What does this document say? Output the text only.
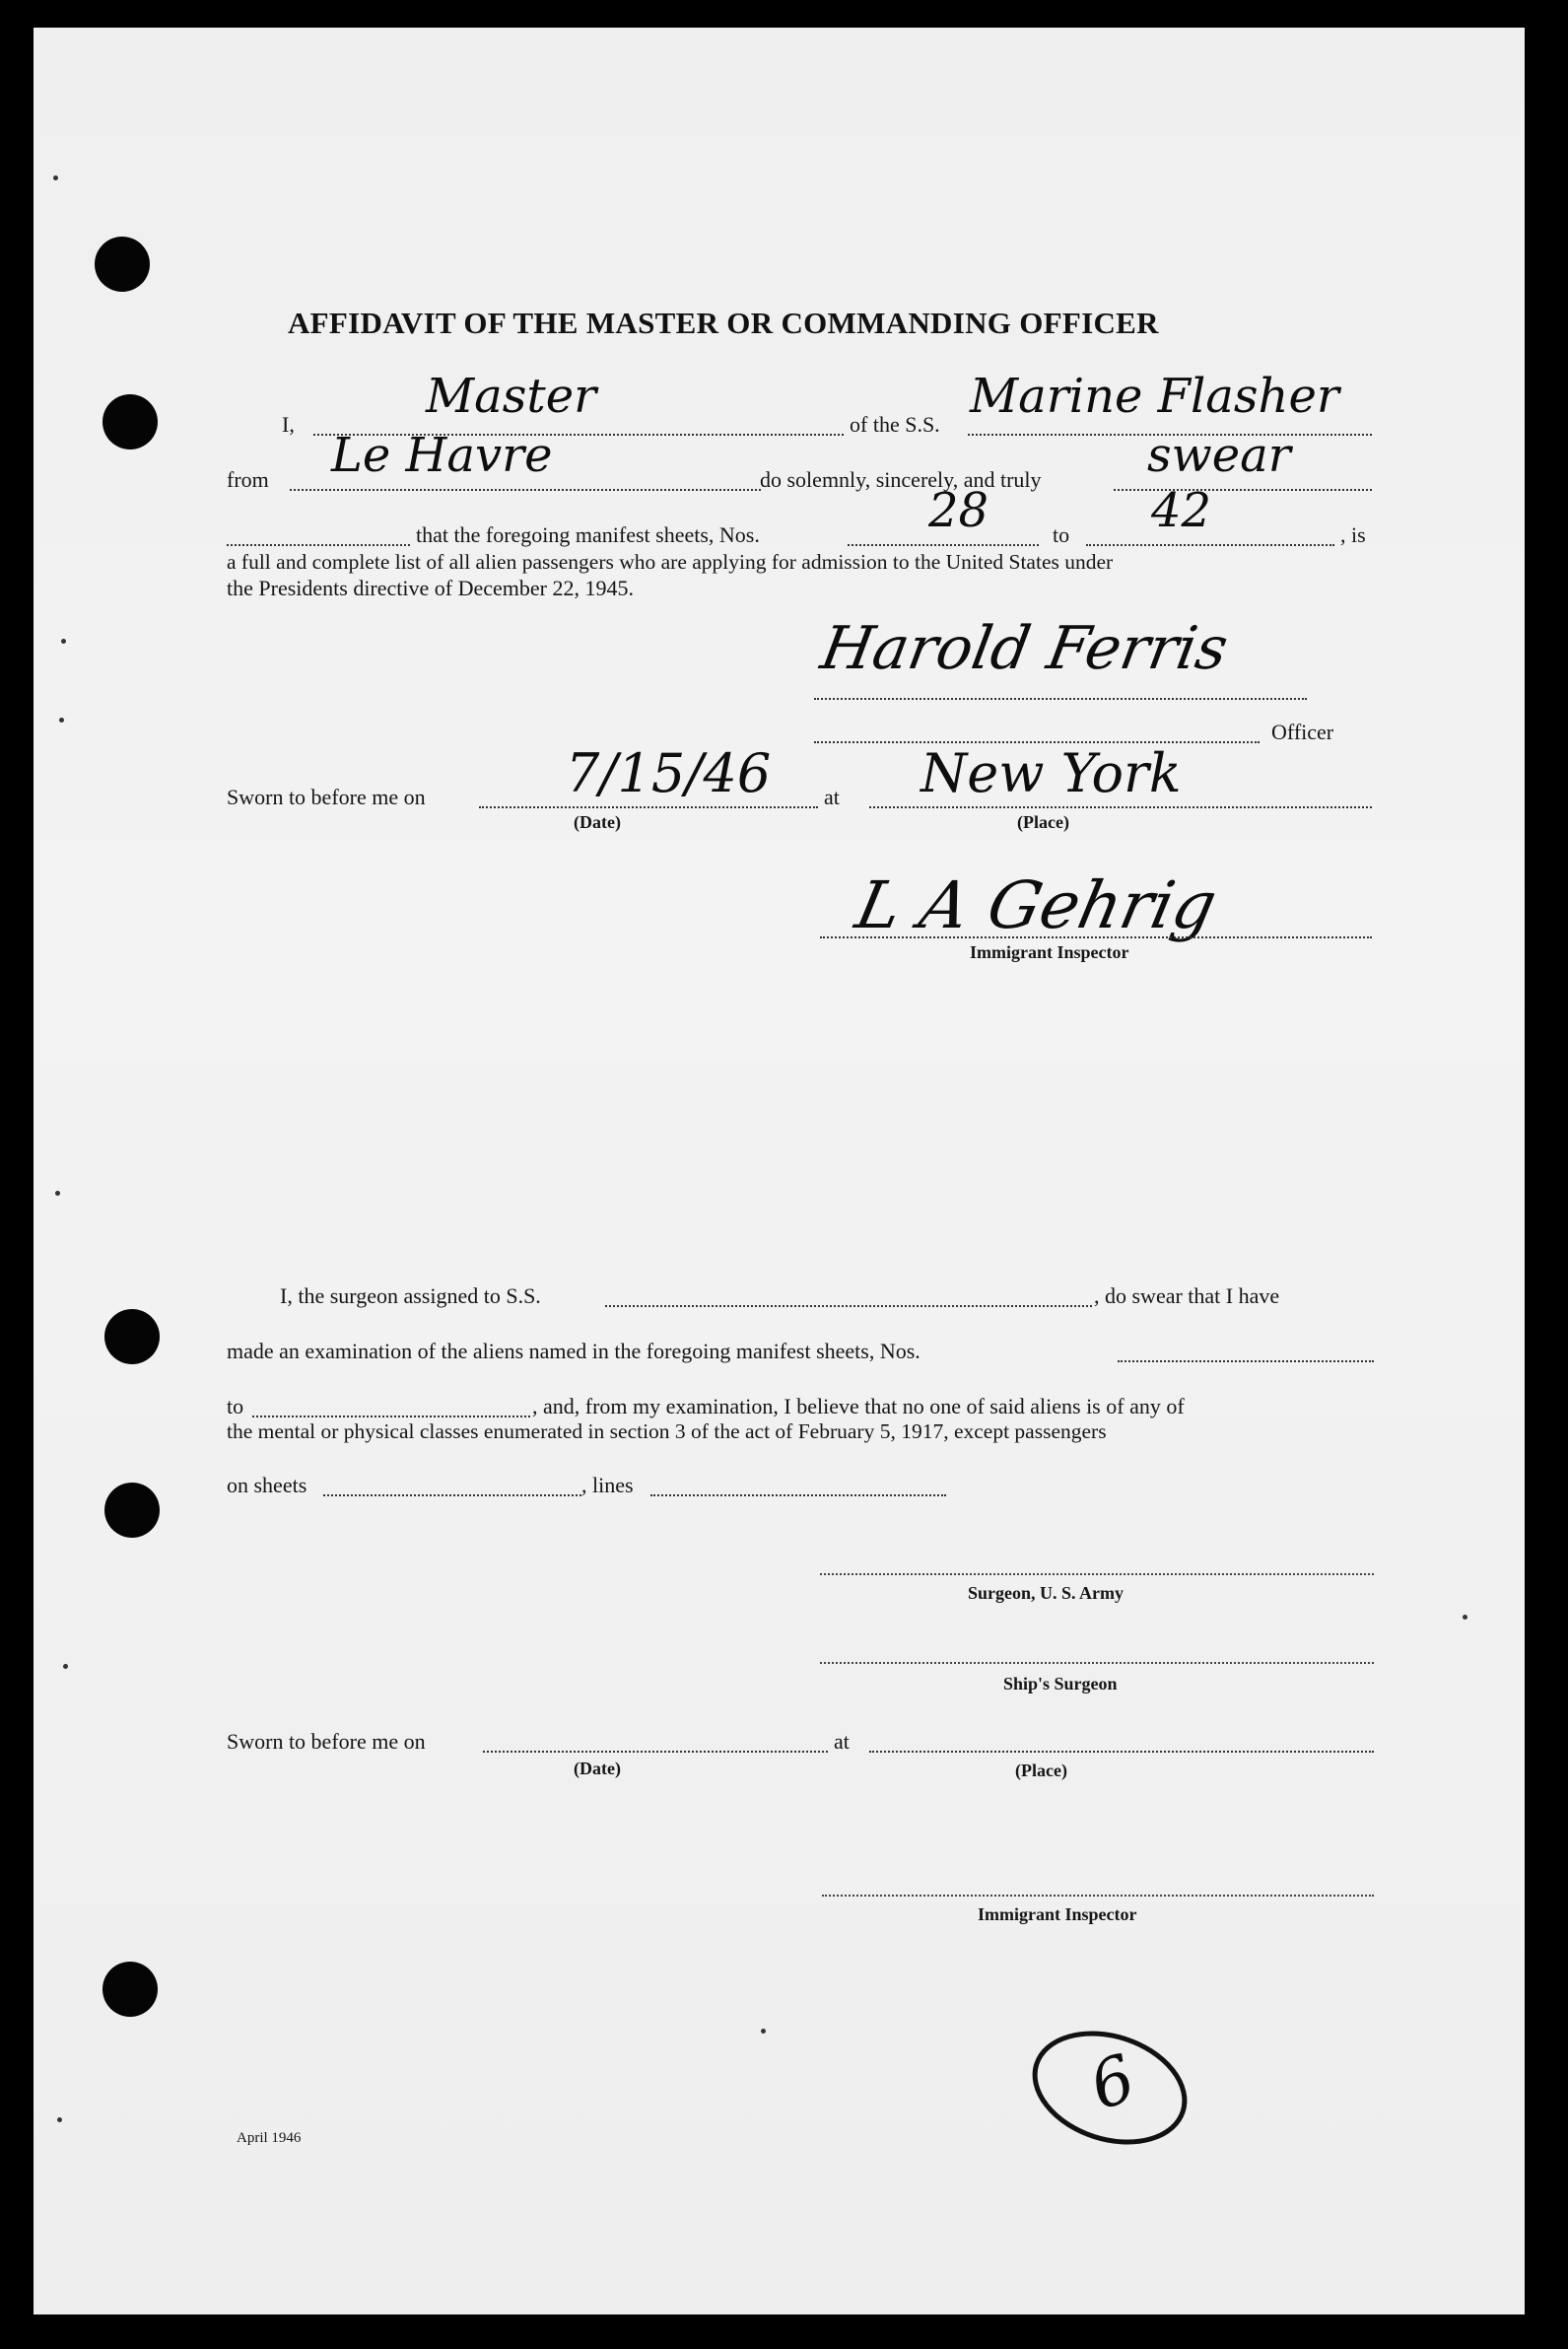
AFFIDAVIT OF THE MASTER OR COMMANDING OFFICER
I,
Master
of the S.S.
Marine Flasher
from Le Havre	do solemnly, sincerely, and truly swear
that the foregoing manifest sheets, Nos.	28	to 42	, is
a full and complete list of all alien passengers who are applying for admission to the United States under
the Presidents directive of December 22, 1945.
Harold Ferris
Officer
Sworn to before me on	7/15/46 at New York
(Date)	(Place)
L A Gehrig
Immigrant Inspector
I, the surgeon assigned to S.S.	, do swear that I have
made an examination of the aliens named in the foregoing manifest sheets, Nos.
to	, and, from my examination, I believe that no one of said aliens is of any of
the mental or physical classes enumerated in section 3 of the act of February 5, 1917, except passengers
on sheets	, lines
Surgeon, U. S. Army
Ship's Surgeon
Sworn to before me on	at
(Date)	(Place)
Immigrant Inspector
6
April 1946
